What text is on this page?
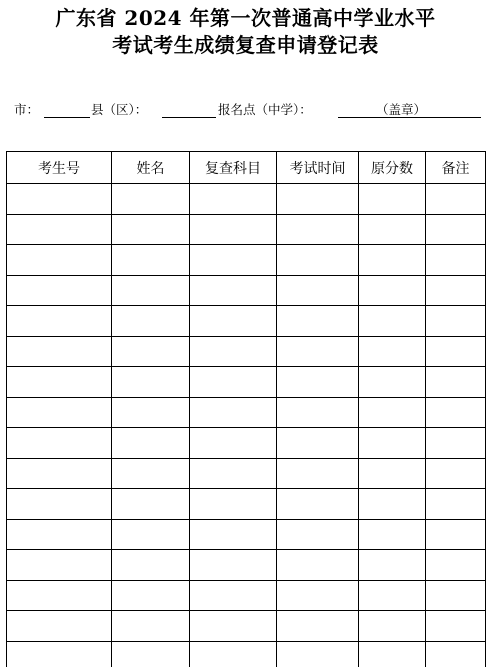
广东省 2024 年第一次普通高中学业水平
考试考生成绩复查申请登记表
市：	县（区）：	报名点（中学）：	（盖章）
考生号	姓名	复查科目	考试时间	原分数	备注
